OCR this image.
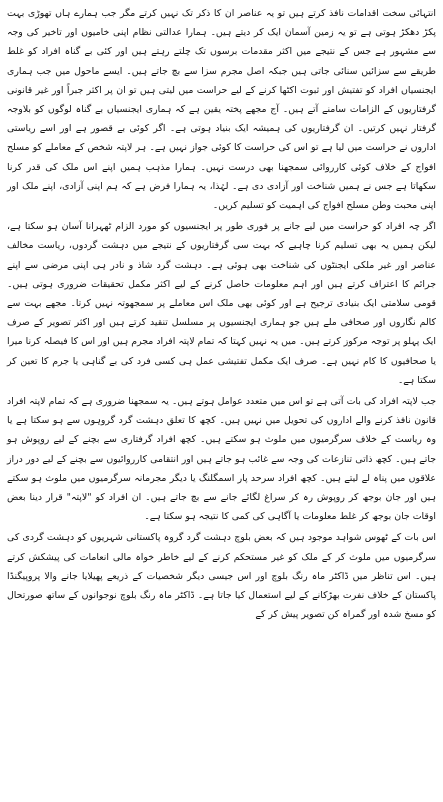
انتہائی سخت اقدامات نافذ کرتے ہیں تو یہ عناصر ان کا ذکر تک نہیں کرتے مگر جب ہمارے ہاں تھوڑی بہت پکڑ دھکڑ ہوتی ہے تو یہ زمین آسمان ایک کر دیتے ہیں۔ ہمارا عدالتی نظام اپنی خامیوں اور تاخیر کی وجہ سے مشہور ہے جس کے نتیجے میں اکثر مقدمات برسوں تک چلتے رہتے ہیں اور کئی بے گناہ افراد کو غلط طریقے سے سزائیں سنائی جاتی ہیں جبکہ اصل مجرم سزا سے بچ جاتے ہیں۔ ایسے ماحول میں جب ہماری ایجنسیاں افراد کو تفتیش اور ثبوت اکٹھا کرنے کے لیے حراست میں لیتی ہیں تو ان پر اکثر جبراً اور غیر قانونی گرفتاریوں کے الزامات سامنے آتے ہیں۔ آج مجھے پختہ یقین ہے کہ ہماری ایجنسیاں بے گناہ لوگوں کو بلاوجہ گرفتار نہیں کرتیں۔ ان گرفتاریوں کی ہمیشہ ایک بنیاد ہوتی ہے۔ اگر کوئی بے قصور ہے اور اسے ریاستی اداروں نے حراست میں لیا ہے تو اس کی حراست کا کوئی جواز نہیں ہے۔ ہر لاپتہ شخص کے معاملے کو مسلح افواج کے خلاف کوئی کارروائی سمجھنا بھی درست نہیں۔ ہمارا مذہب ہمیں اپنے اس ملک کی قدر کرنا سکھاتا ہے جس نے ہمیں شناخت اور آزادی دی ہے۔ لہٰذا، یہ ہمارا فرض ہے کہ ہم اپنی آزادی، اپنے ملک اور اپنی محبت وطن مسلح افواج کی اہمیت کو تسلیم کریں۔

اگر چہ افراد کو حراست میں لیے جانے پر فوری طور پر ایجنسیوں کو مورد الزام ٹھہرانا آسان ہو سکتا ہے، لیکن ہمیں یہ بھی تسلیم کرنا چاہیے کہ بہت سی گرفتاریوں کے نتیجے میں دہشت گردوں، ریاست مخالف عناصر اور غیر ملکی ایجنٹوں کی شناخت بھی ہوئی ہے۔ دہشت گرد شاذ و نادر ہی اپنی مرضی سے اپنے جرائم کا اعتراف کرتے ہیں اور اہم معلومات حاصل کرنے کے لیے اکثر مکمل تحقیقات ضروری ہوتی ہیں۔ قومی سلامتی ایک بنیادی ترجیح ہے اور کوئی بھی ملک اس معاملے پر سمجھوتہ نہیں کرتا۔ مجھے بہت سے کالم نگاروں اور صحافی ملے ہیں جو ہماری ایجنسیوں پر مسلسل تنقید کرتے ہیں اور اکثر تصویر کے صرف ایک پہلو پر توجہ مرکوز کرتے ہیں۔ میں یہ نہیں کہتا کہ تمام لاپتہ افراد مجرم ہیں اور اس کا فیصلہ کرنا میرا یا صحافیوں کا کام نہیں ہے۔ صرف ایک مکمل تفتیشی عمل ہی کسی فرد کی بے گناہی یا جرم کا تعین کر سکتا ہے۔

جب لاپتہ افراد کی بات آتی ہے تو اس میں متعدد عوامل ہوتے ہیں۔ یہ سمجھنا ضروری ہے کہ تمام لاپتہ افراد قانون نافذ کرنے والے اداروں کی تحویل میں نہیں ہیں۔ کچھ کا تعلق دہشت گرد گروہوں سے ہو سکتا ہے یا وہ ریاست کے خلاف سرگرمیوں میں ملوث ہو سکتے ہیں۔ کچھ افراد گرفتاری سے بچنے کے لیے روپوش ہو جاتے ہیں۔ کچھ ذاتی تنازعات کی وجہ سے غائب ہو جاتے ہیں اور انتقامی کارروائیوں سے بچنے کے لیے دور دراز علاقوں میں پناہ لے لیتے ہیں۔ کچھ افراد سرحد پار اسمگلنگ یا دیگر مجرمانہ سرگرمیوں میں ملوث ہو سکتے ہیں اور جان بوجھ کر روپوش رہ کر سراغ لگائے جانے سے بچ جاتے ہیں۔ ان افراد کو "لاپتہ" قرار دینا بعض اوقات جان بوجھ کر غلط معلومات یا آگاہی کی کمی کا نتیجہ ہو سکتا ہے۔

اس بات کے ٹھوس شواہد موجود ہیں کہ بعض بلوچ دہشت گرد گروہ پاکستانی شہریوں کو دہشت گردی کی سرگرمیوں میں ملوث کر کے ملک کو غیر مستحکم کرنے کے لیے خاطر خواہ مالی انعامات کی پیشکش کرتے ہیں۔ اس تناظر میں ڈاکٹر ماہ رنگ بلوچ اور اس جیسی دیگر شخصیات کے ذریعے پھیلایا جانے والا پروپیگنڈا پاکستان کے خلاف نفرت بھڑکانے کے لیے استعمال کیا جاتا ہے۔ ڈاکٹر ماہ رنگ بلوچ نوجوانوں کے ساتھ صورتحال کو مسخ شدہ اور گمراہ کن تصویر پیش کر کے
